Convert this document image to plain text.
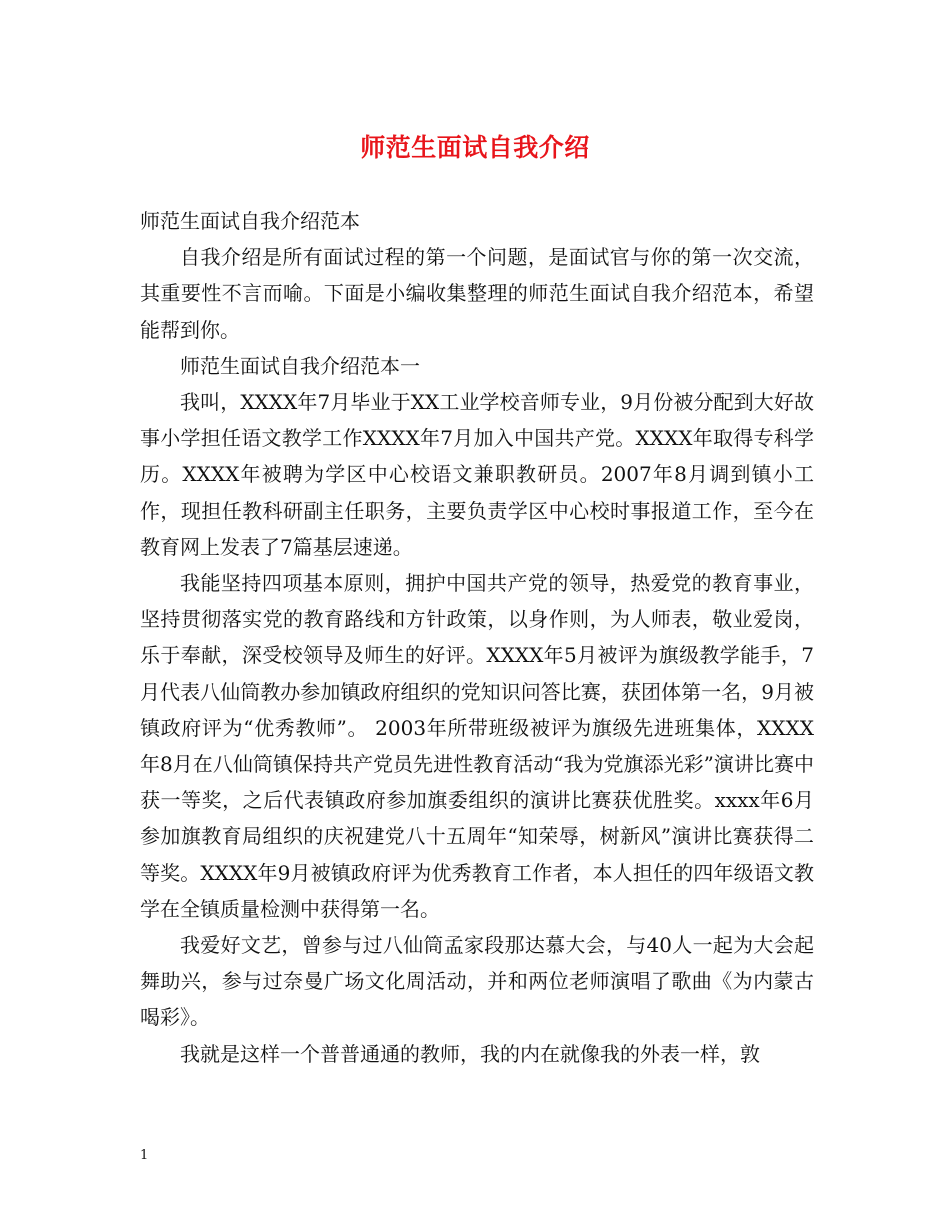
师范生面试自我介绍

师范生面试自我介绍范本

自我介绍是所有面试过程的第一个问题，是面试官与你的第一次交流，其重要性不言而喻。下面是小编收集整理的师范生面试自我介绍范本，希望能帮到你。

师范生面试自我介绍范本一

我叫，XXXX年7月毕业于XX工业学校音师专业，9月份被分配到大好故事小学担任语文教学工作XXXX年7月加入中国共产党。XXXX年取得专科学历。XXXX年被聘为学区中心校语文兼职教研员。2007年8月调到镇小工作，现担任教科研副主任职务，主要负责学区中心校时事报道工作，至今在教育网上发表了7篇基层速递。

我能坚持四项基本原则，拥护中国共产党的领导，热爱党的教育事业，坚持贯彻落实党的教育路线和方针政策，以身作则，为人师表，敬业爱岗，乐于奉献，深受校领导及师生的好评。XXXX年5月被评为旗级教学能手，7月代表八仙筒教办参加镇政府组织的党知识问答比赛，获团体第一名，9月被镇政府评为“优秀教师”。 2003年所带班级被评为旗级先进班集体，XXXX年8月在八仙筒镇保持共产党员先进性教育活动“我为党旗添光彩”演讲比赛中获一等奖，之后代表镇政府参加旗委组织的演讲比赛获优胜奖。xxxx年6月参加旗教育局组织的庆祝建党八十五周年“知荣辱，树新风”演讲比赛获得二等奖。XXXX年9月被镇政府评为优秀教育工作者，本人担任的四年级语文教学在全镇质量检测中获得第一名。

我爱好文艺，曾参与过八仙筒孟家段那达慕大会，与40人一起为大会起舞助兴，参与过奈曼广场文化周活动，并和两位老师演唱了歌曲《为内蒙古喝彩》。

我就是这样一个普普通通的教师，我的内在就像我的外表一样，敦

1
